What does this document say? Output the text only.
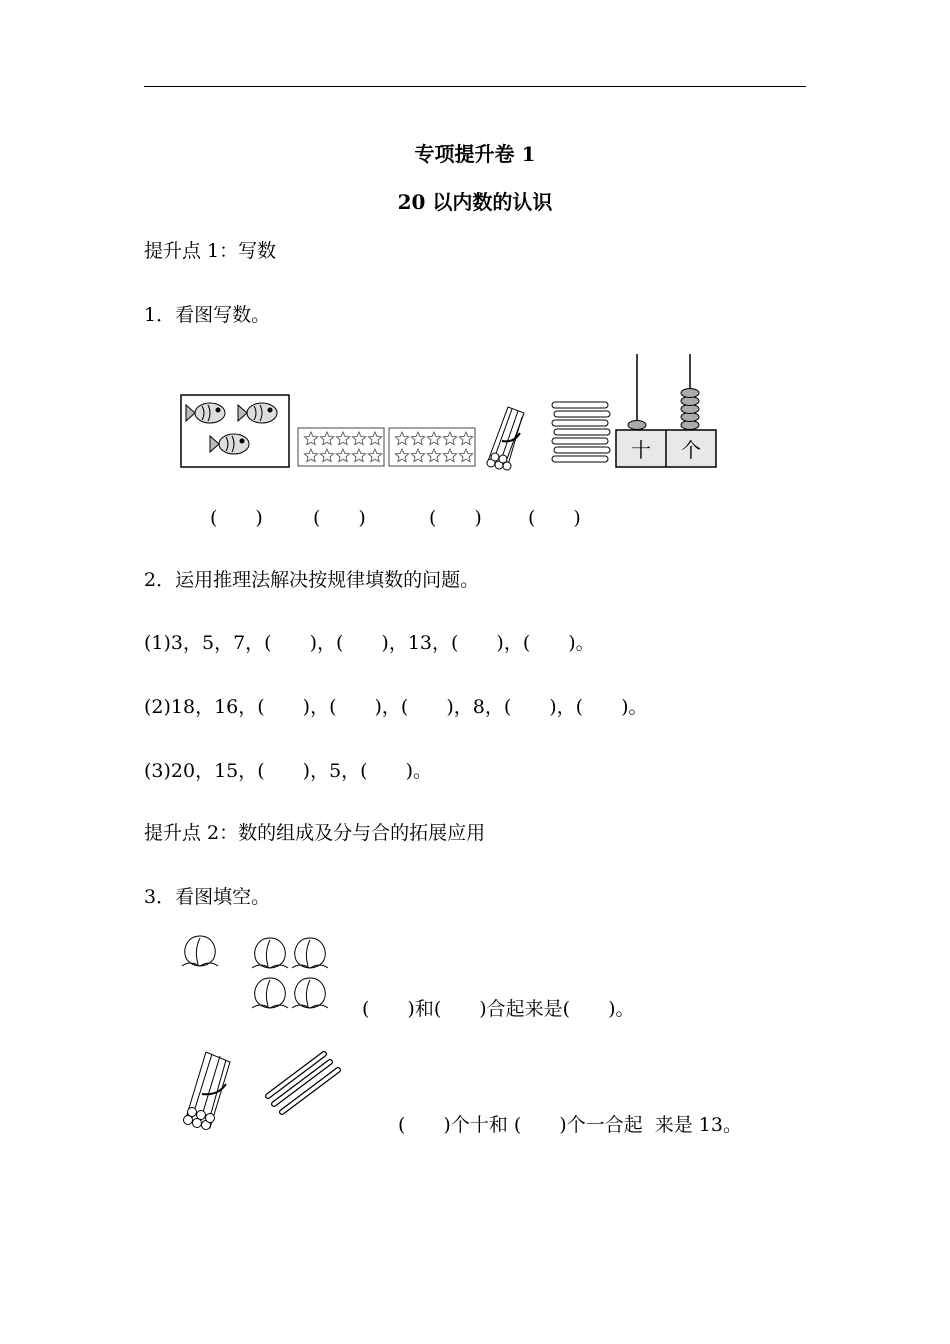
专项提升卷 1
20 以内数的认识
提升点 1：写数
1．看图写数。
十 个
(　　)	(　　)	(　　) (　　)
2．运用推理法解决按规律填数的问题。
(1)3，5，7，(　　)，(　　)，13，(　　)，(　　)。
(2)18，16，(　　)，(　　)，(　　)，8，(　　)，(　　)。
(3)20，15，(　　)，5，(　　)。
提升点 2：数的组成及分与合的拓展应用
3．看图填空。
(　　)和(　　)合起来是(　　)。
(　　)个十和 (　　)个一合起  来是 13。
